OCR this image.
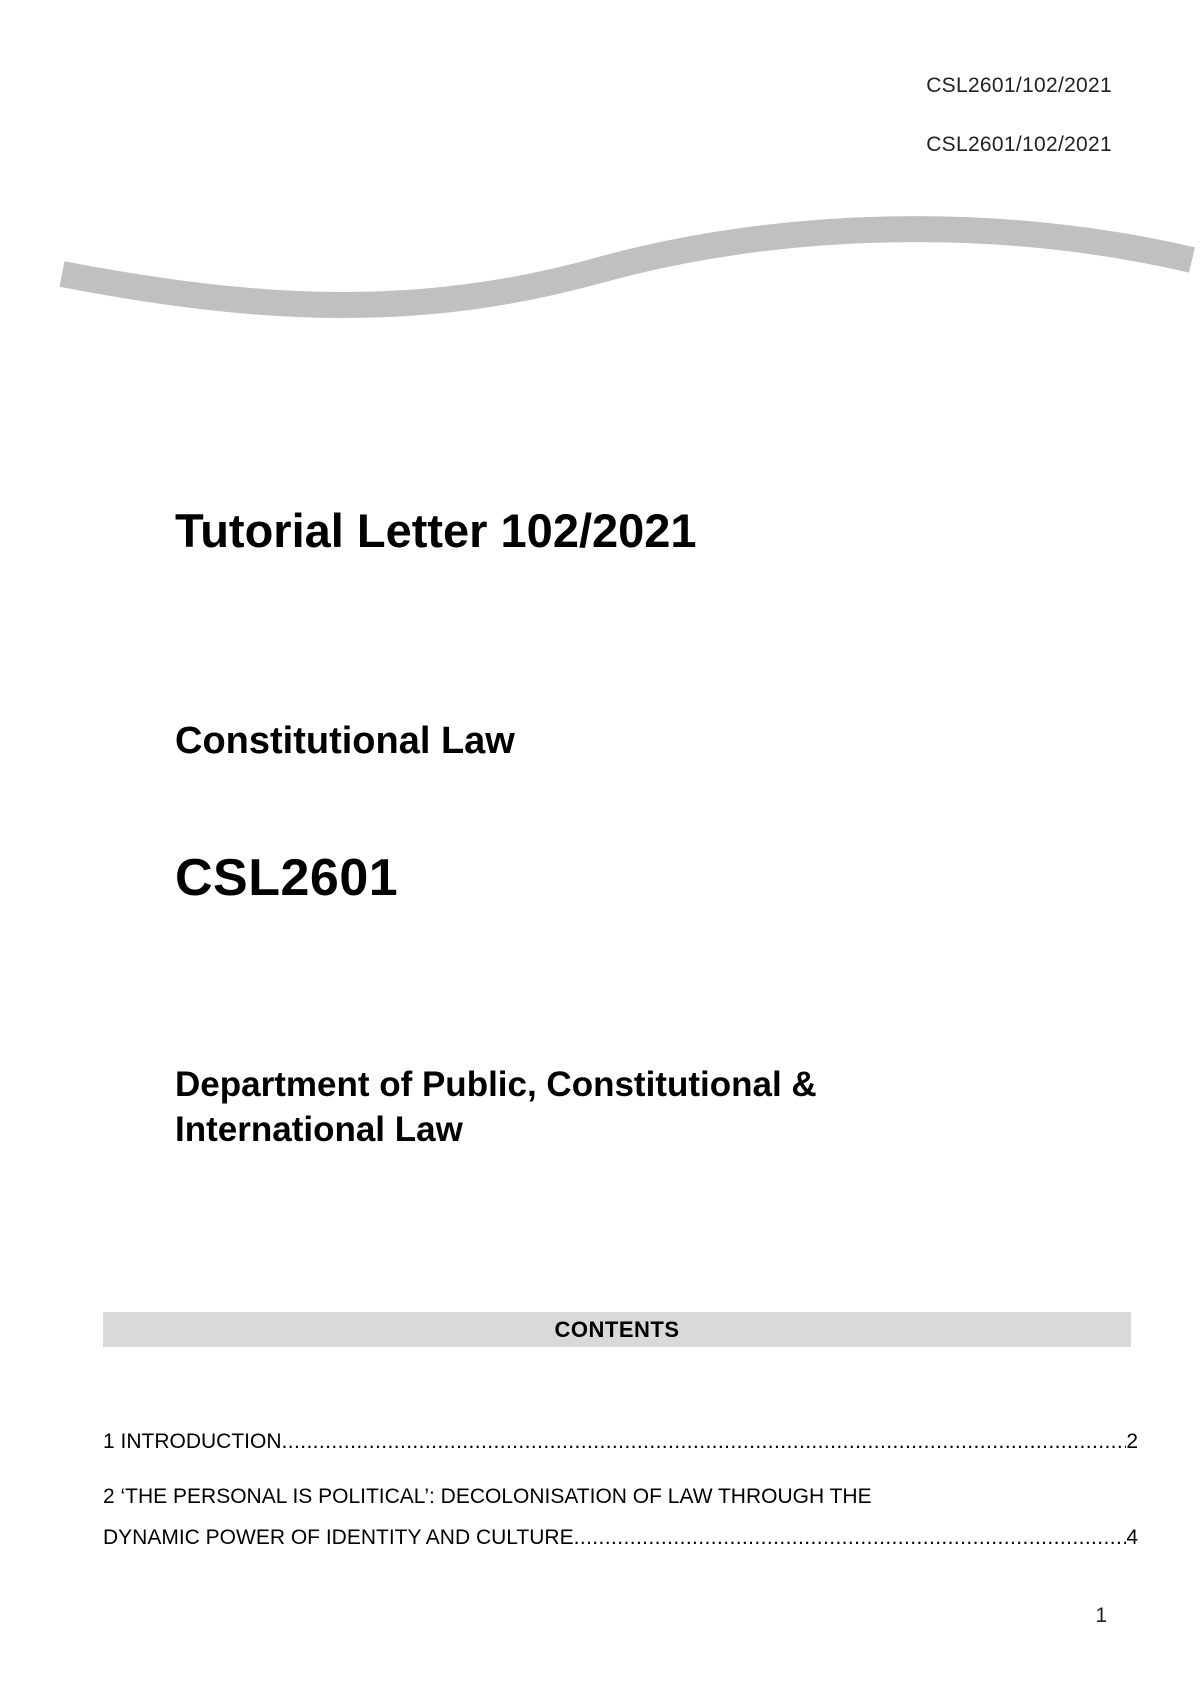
CSL2601/102/2021
CSL2601/102/2021
Tutorial Letter 102/2021
Constitutional Law
CSL2601
Department of Public, Constitutional &
International Law
CONTENTS
1 INTRODUCTION .....	2
2 ‘THE PERSONAL IS POLITICAL’: DECOLONISATION OF LAW THROUGH THE
DYNAMIC POWER OF IDENTITY AND CULTURE .....	4
1
